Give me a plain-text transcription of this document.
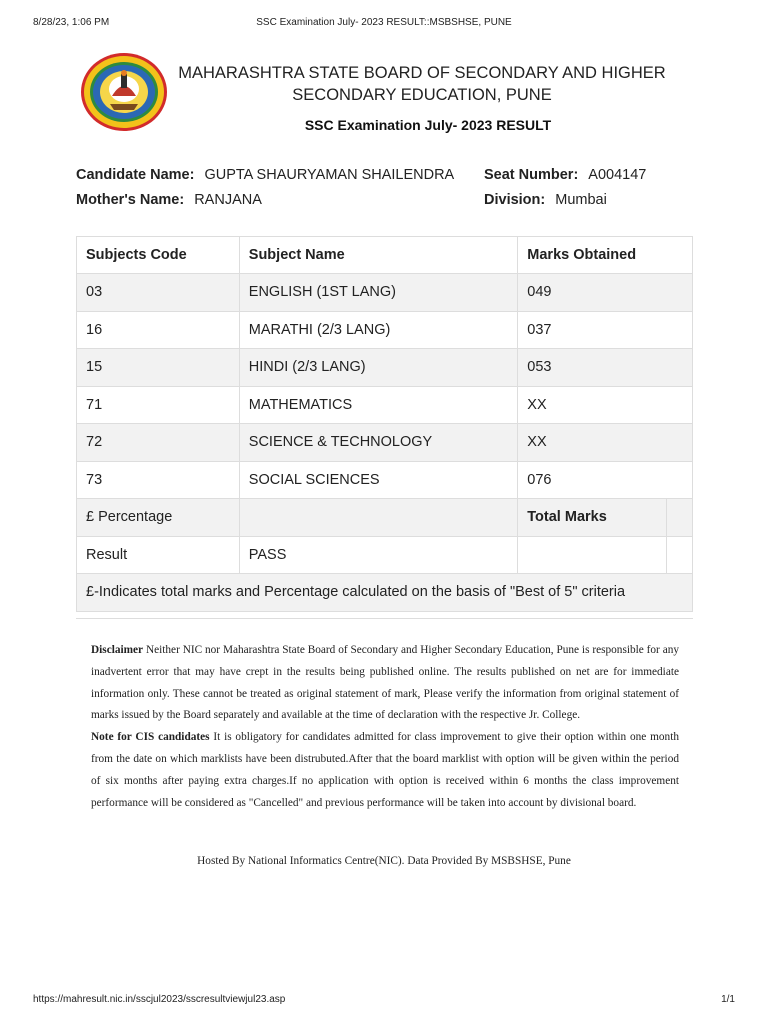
8/28/23, 1:06 PM	SSC Examination July- 2023 RESULT::MSBSHSE, PUNE
MAHARASHTRA STATE BOARD OF SECONDARY AND HIGHER
SECONDARY EDUCATION, PUNE
SSC Examination July- 2023 RESULT
Candidate Name: GUPTA SHAURYAMAN SHAILENDRA Seat Number: A004147
Mother's Name: RANJANA	Division: Mumbai
Subjects Code	Subject Name	Marks Obtained	
03	ENGLISH (1ST LANG)	049	
16	MARATHI (2/3 LANG)	037	
15	HINDI (2/3 LANG)	053	
71	MATHEMATICS	XX	
72	SCIENCE & TECHNOLOGY	XX	
73	SOCIAL SCIENCES	076	
£ Percentage		Total Marks	
Result	PASS		
£-Indicates total marks and Percentage calculated on the basis of "Best of 5" criteria			
Disclaimer Neither NIC nor Maharashtra State Board of Secondary and Higher Secondary Education, Pune is responsible for any inadvertent error that may have crept in the results being published online. The results published on net are for immediate information only. These cannot be treated as original statement of mark, Please verify the information from original statement of marks issued by the Board separately and available at the time of declaration with the respective Jr. College.
Note for CIS candidates It is obligatory for candidates admitted for class improvement to give their option within one month from the date on which marklists have been distrubuted.After that the board marklist with option will be given within the period of six months after paying extra charges.If no application with option is received within 6 months the class improvement performance will be considered as "Cancelled" and previous performance will be taken into account by divisional board.
Hosted By National Informatics Centre(NIC). Data Provided By MSBSHSE, Pune
https://mahresult.nic.in/sscjul2023/sscresultviewjul23.asp	1/1
